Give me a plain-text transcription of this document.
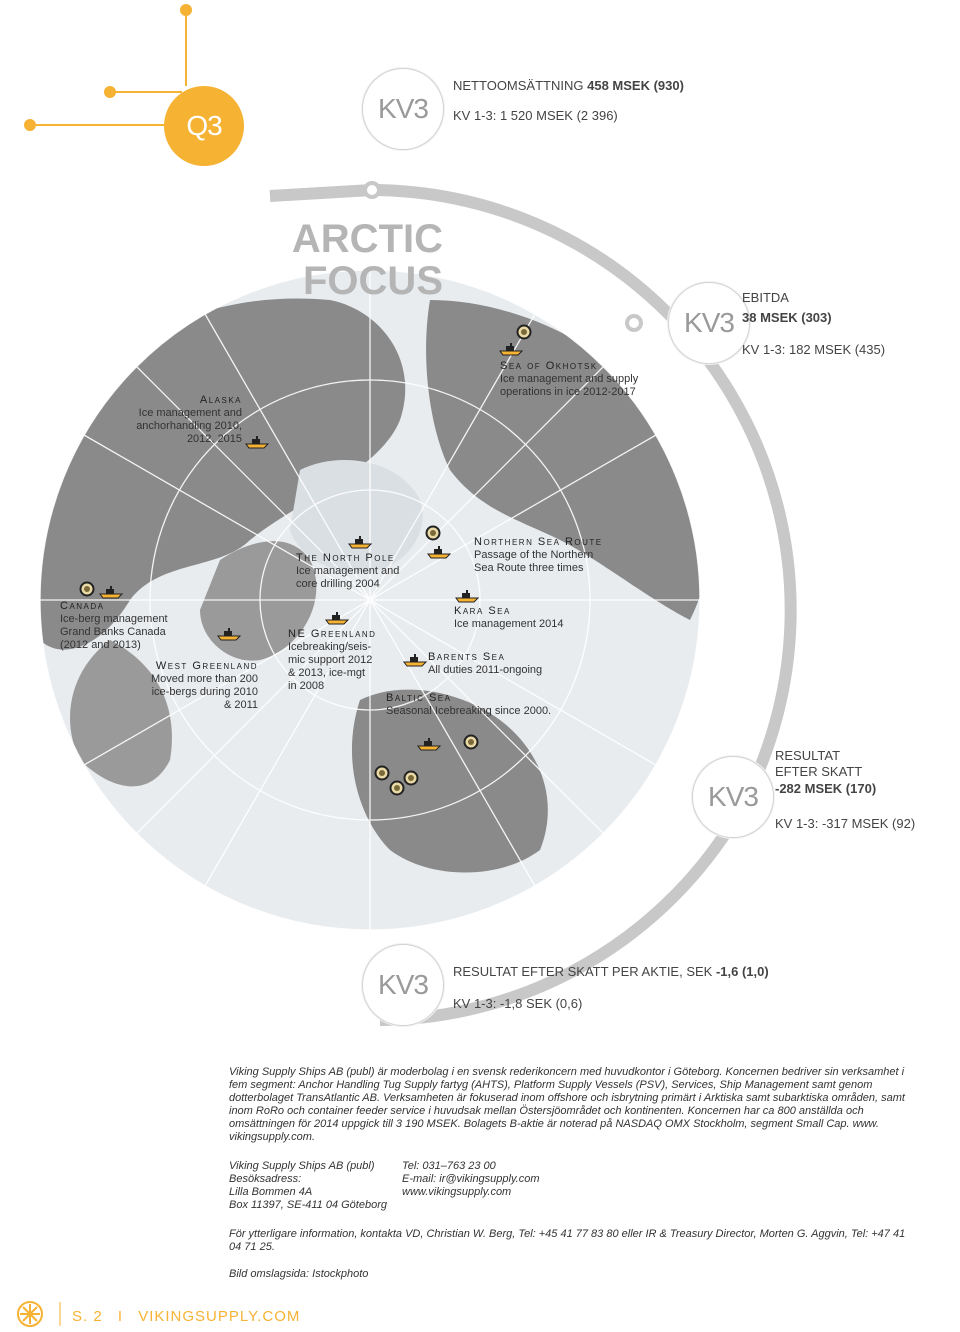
Q3
KV3
NETTOOMSÄTTNING 458 MSEK (930)
KV 1-3: 1 520 MSEK (2 396)
ARCTIC
FOCUS
KV3
EBITDA
38 MSEK (303)
KV 1-3: 182 MSEK (435)
KV3
RESULTAT
EFTER SKATT
-282 MSEK (170)
KV 1-3: -317 MSEK (92)
KV3 RESULTAT EFTER SKATT PER AKTIE, SEK -1,6 (1,0)
KV 1-3: -1,8 SEK (0,6)
Alaska
Ice management and
anchorhandling 2010,
2012, 2015
Sea of Okhotsk
Ice management and supply
operations in ice 2012-2017
The North Pole
Ice management and
core drilling 2004
Northern Sea Route
Passage of the Northern
Sea Route three times
Canada
Ice-berg management
Grand Banks Canada
(2012 and 2013)
West Greenland
Moved more than 200
ice-bergs during 2010
& 2011
NE Greenland
Icebreaking/seis-
mic support 2012
& 2013, ice-mgt
in 2008
Kara Sea
Ice management 2014
Barents Sea
All duties 2011-ongoing
Baltic Sea
Seasonal Icebreaking since 2000.
Viking Supply Ships AB (publ) är moderbolag i en svensk rederikoncern med huvudkontor i Göteborg. Koncernen bedriver sin verksamhet i fem segment: Anchor Handling Tug Supply fartyg (AHTS), Platform Supply Vessels (PSV), Services, Ship Management samt genom dotterbolaget TransAtlantic AB. Verksamheten är fokuserad inom offshore och isbrytning primärt i Arktiska samt subarktiska områden, samt inom RoRo och container feeder service i huvudsak mellan Östersjöområdet och kontinenten. Koncernen har ca 800 anställda och omsättningen för 2014 uppgick till 3 190 MSEK. Bolagets B-aktie är noterad på NASDAQ OMX Stockholm, segment Small Cap. www. vikingsupply.com.
Viking Supply Ships AB (publ)
Besöksadress:
Lilla Bommen 4A
Box 11397, SE-411 04 Göteborg
Tel: 031–763 23 00
E-mail: ir@vikingsupply.com
www.vikingsupply.com
För ytterligare information, kontakta VD, Christian W. Berg, Tel: +45 41 77 83 80 eller IR & Treasury Director, Morten G. Aggvin, Tel: +47 41 04 71 25.
Bild omslagsida: Istockphoto
S. 2 I VIKINGSUPPLY.COM
